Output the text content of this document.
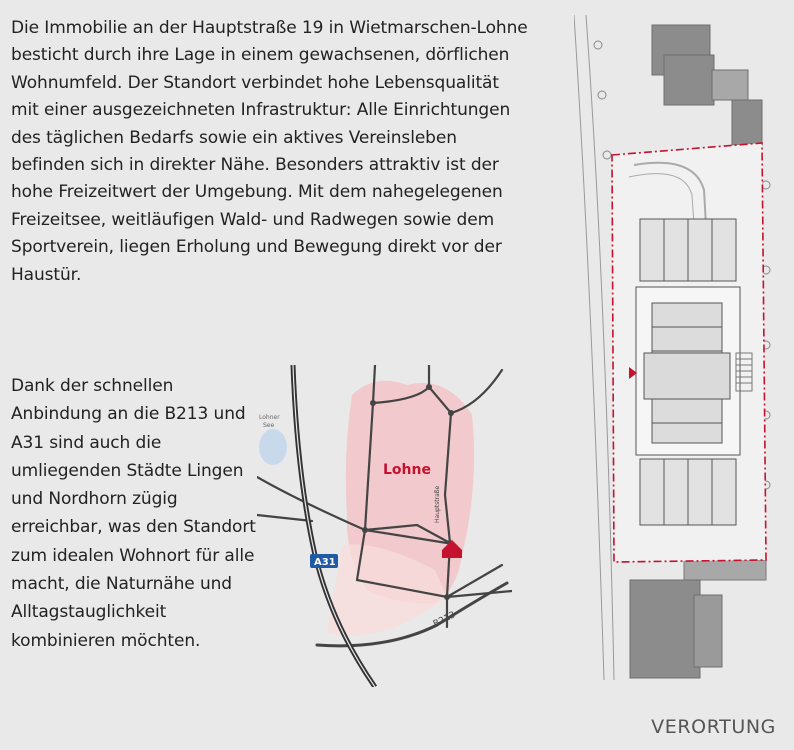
Die Immobilie an der Hauptstraße 19 in Wietmarschen-Lohne besticht durch ihre Lage in einem gewachsenen, dörflichen Wohnumfeld. Der Standort verbindet hohe Lebensqualität mit einer ausgezeichneten Infrastruktur: Alle Einrichtungen des täglichen Bedarfs sowie ein aktives Vereinsleben befinden sich in direkter Nähe. Besonders attraktiv ist der hohe Freizeitwert der Umgebung. Mit dem nahegelegenen Freizeitsee, weitläufigen Wald- und Radwegen sowie dem Sportverein, liegen Erholung und Bewegung direkt vor der Haustür.

Dank der schnellen Anbindung an die B213 und A31 sind auch die umliegenden Städte Lingen und Nordhorn zügig erreichbar, was den Standort zum idealen Wohnort für alle macht, die Naturnähe und Alltagstauglichkeit kombinieren möchten.

Lohner
See
B213
A31
Lohne
Hauptstraße
VERORTUNG
